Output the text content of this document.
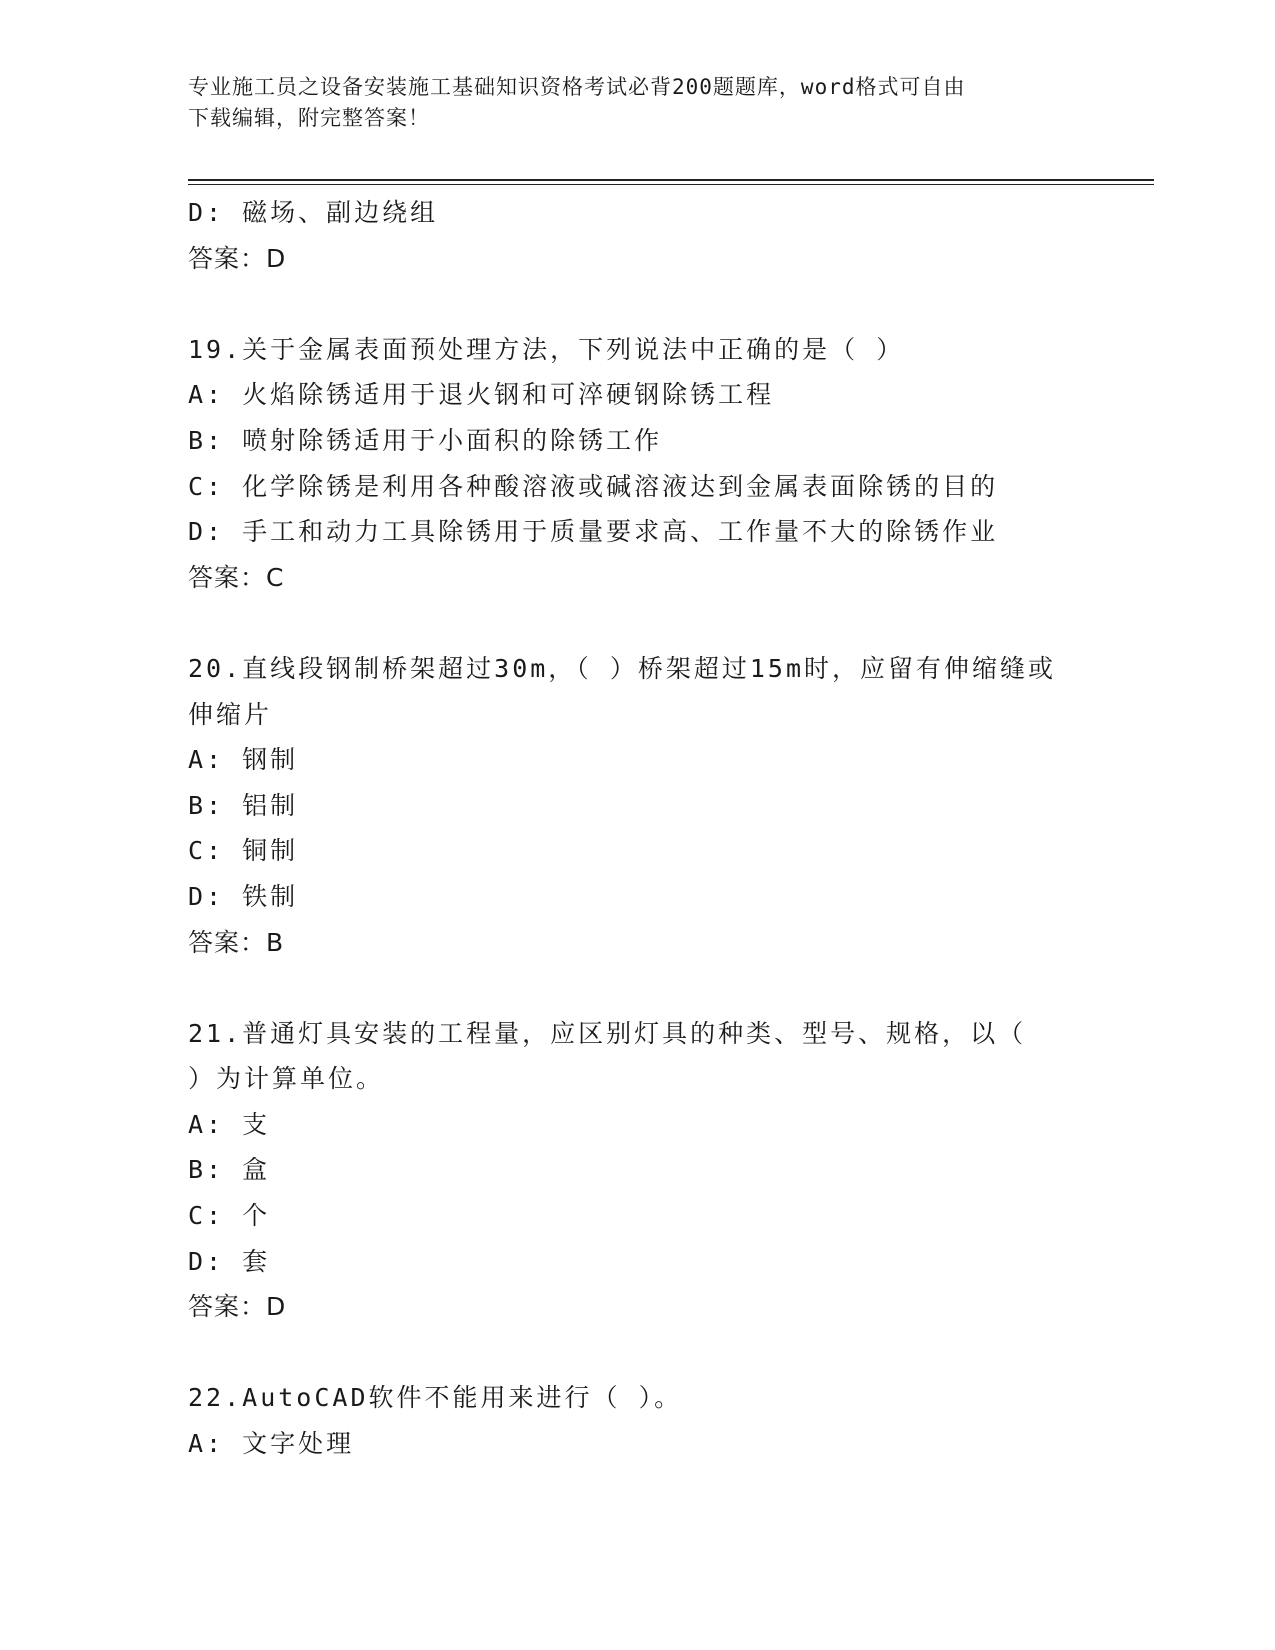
专业施工员之设备安装施工基础知识资格考试必背200题题库，word格式可自由
下载编辑，附完整答案！
D: 磁场、副边绕组
答案：D
19.关于金属表面预处理方法，下列说法中正确的是（ ）
A: 火焰除锈适用于退火钢和可淬硬钢除锈工程
B: 喷射除锈适用于小面积的除锈工作
C: 化学除锈是利用各种酸溶液或碱溶液达到金属表面除锈的目的
D: 手工和动力工具除锈用于质量要求高、工作量不大的除锈作业
答案：C
20.直线段钢制桥架超过30m，（ ）桥架超过15m时，应留有伸缩缝或
伸缩片
A: 钢制
B: 铝制
C: 铜制
D: 铁制
答案：B
21.普通灯具安装的工程量，应区别灯具的种类、型号、规格，以（
）为计算单位。
A: 支
B: 盒
C: 个
D: 套
答案：D
22.AutoCAD软件不能用来进行（ ）。
A: 文字处理
